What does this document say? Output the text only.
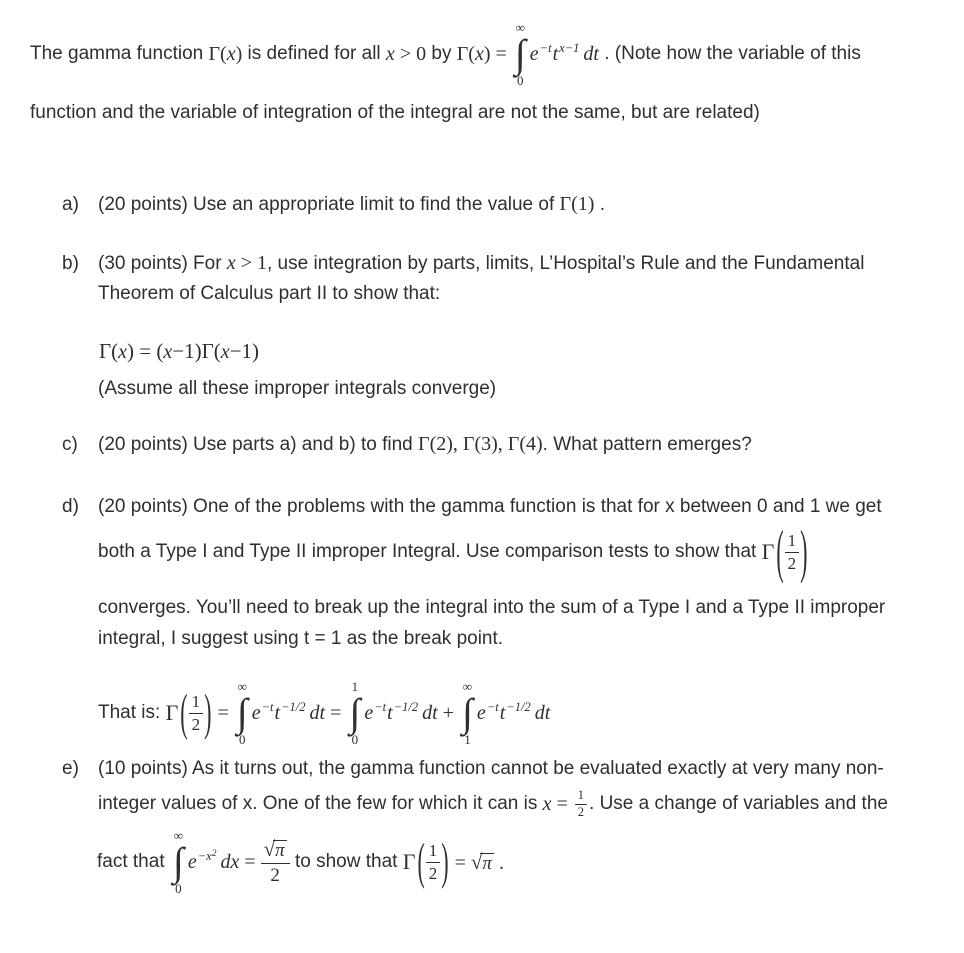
The gamma function Γ(x) is defined for all x > 0 by Γ(x) =
∞
∫
0
e−ttx−1 dt . (Note how the variable of this
function and the variable of integration of the integral are not the same, but are related)
a) (20 points) Use an appropriate limit to find the value of Γ(1) .
b) (30 points) For x > 1, use integration by parts, limits, L’Hospital’s Rule and the Fundamental
Theorem of Calculus part II to show that:
Γ(x) = (x−1)Γ(x−1)
(Assume all these improper integrals converge)
c) (20 points) Use parts a) and b) to find Γ(2), Γ(3), Γ(4). What pattern emerges?
d) (20 points) One of the problems with the gamma function is that for x between 0 and 1 we get
both a Type I and Type II improper Integral. Use comparison tests to show that Γ ( $\frac{1}{2}$ )
converges. You’ll need to break up the integral into the sum of a Type I and a Type II improper
integral, I suggest using t = 1 as the break point.
That is: Γ ( $\frac{1}{2}$ ) =
∞
∫
0
e−tt−1/2 dt =
1
∫
0
e−tt−1/2 dt +
∞
∫
1
e−tt−1/2 dt
e) (10 points) As it turns out, the gamma function cannot be evaluated exactly at very many non-
integer values of x. One of the few for which it can is $x = \frac{1}{2}$ . Use a change of variables and the
fact that
∞
∫
0
e−x2 dx = $\frac{√\pi}{2}$ to show that Γ ( $\frac{1}{2}$ ) = √π .
